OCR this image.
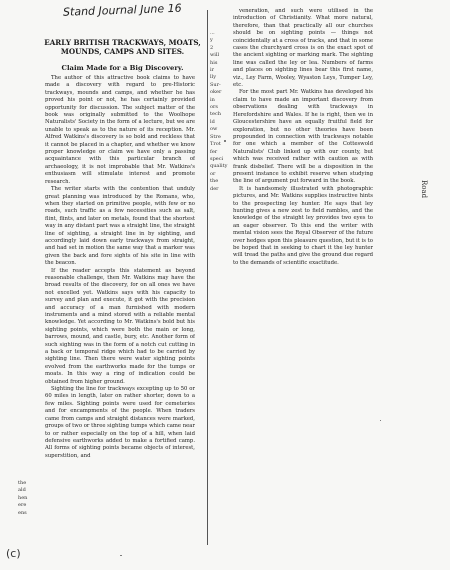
Stand Journal June 16
EARLY BRITISH TRACKWAYS, MOATS, MOUNDS, CAMPS AND SITES.
Claim Made for a Big Discovery.

The author of this attractive book claims to have made a discovery with regard to pre-Historic trackways, mounds and camps, and whether he has proved his point or not, he has certainly provided opportunity for discussion. The subject matter of the book was originally submitted to the Woolhope Naturalists' Society in the form of a lecture, but we are unable to speak as to the nature of its reception. Mr. Alfred Watkins's discovery is so bold and reckless that it cannot be placed in a chapter, and whether we know proper knowledge or claim we have only a passing acquaintance with this particular branch of archaeology, it is not improbable that Mr. Watkins's enthusiasm will stimulate interest and promote research.

The writer starts with the contention that unduly great planning was introduced by the Romans, who, when they started on primitive people, with few or no roads, such traffic as a few necessities such as salt, flint, flints, and later on metals, found that the shortest way in any distant part was a straight line, the straight line of sighting, a straight line in by sighting, and accordingly laid down early trackways from straight, and had set in motion the same way that a marker was given the back and fore sights of his site in line with the beacon.

If the reader accepts this statement as beyond reasonable challenge, then Mr. Watkins may have the broad results of the discovery, for on all ones we have not excelled yet. Watkins says with his capacity to survey and plan and execute, it got with the precision and accuracy of a man furnished with modern instruments and a mind stored with a reliable mental knowledge. Yet according to Mr. Watkins's bold but his sighting points, which were both the main or long, barrows, mound, and castle, bury, etc. Another form of such sighting was in the form of a notch cut cutting in a back or temporal ridge which had to be carried by sighting line. Then there were water sighting points evolved from the earthworks made for the tumps or moats. In this way a ring of indication could be obtained from higher ground.

Sighting the line for trackways excepting up to 50 or 60 miles in length, later on rather shorter, down to a few miles. Sighting points were used for cemeteries and for encampments of the people. When traders came from camps and straight distances were marked, groups of two or three sighting tumps which came near to or rather especially on the top of a hill, when laid defensive earthworks added to make a fortified camp. All forms of sighting points became objects of interest, superstition, and

...
y
2
will
his
ir
lly
Sur-
oker
in
ors
tech
ld
ow
Stre
Trot
fer
speci
quality
or
the
der

veneration, and such were utilised in the introduction of Christianity. What more natural, therefore, than that practically all our churches should be on sighting points — things not coincidentally at a cross of tracks, and that in some cases the churchyard cross is on the exact spot of the ancient sighting or marking mark. The sighting line was called the ley or lea. Numbers of farms and places on sighting lines bear this first name, viz., Ley Farm, Wooley, Wyaston Leys, Tumper Ley, etc.

For the most part Mr. Watkins has developed his claim to have made an important discovery from observations dealing with trackways in Herefordshire and Wales. If he is right, then we in Gloucestershire have an equally fruitful field for exploration, but no other theories have been propounded in connection with trackways notable for one which a member of the Cotteswold Naturalists' Club linked up with our county, but which was received rather with caution as with frank disbelief. There will be a disposition in the present instance to exhibit reserve when studying the line of argument put forward in the book.

It is handsomely illustrated with photographic pictures, and Mr. Watkins supplies instructive hints to the prospecting ley hunter. He says that ley hunting gives a new zest to field rambles, and the knowledge of the straight ley provides two eyes to an eager observer. To this end the writer with mental vision sees the Royal Observer of the future over hedges upon this pleasure question, but it is to be hoped that in seeking to chart it the ley hunter will tread the paths and give the ground due regard to the demands of scientific exactitude.

the
ald
hen
ere
ens
Road
(c)
